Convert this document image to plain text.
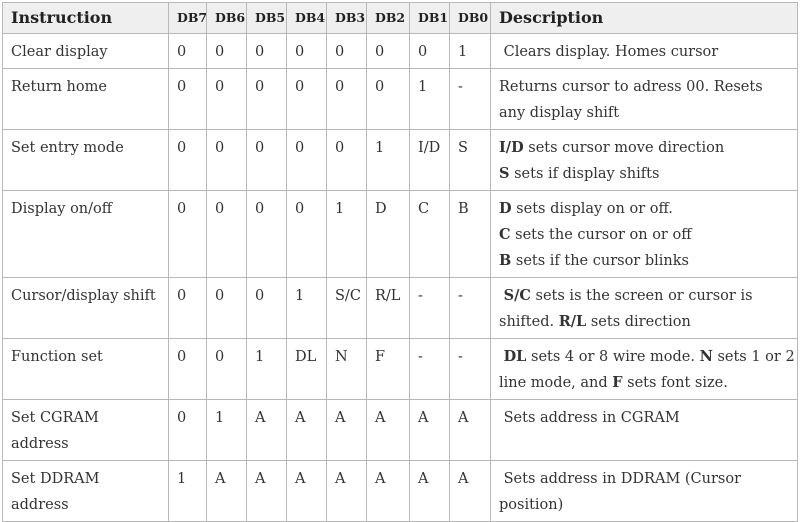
Instruction	DB7	DB6	DB5	DB4	DB3	DB2	DB1	DB0	Description
Clear display	0	0	0	0	0	0	0	1	Clears display. Homes cursor

Return home	0	0	0	0	0	0	1	-	Returns cursor to adress 00. Resets
any display shift

Set entry mode	0	0	0	0	0	1	I/D	S	I/D sets cursor move direction
S sets if display shifts

Display on/off	0	0	0	0	1	D	C	B	D sets display on or off.
C sets the cursor on or off
B sets if the cursor blinks

Cursor/display shift	0	0	0	1	S/C	R/L	-	-	S/C sets is the screen or cursor is
shifted. R/L sets direction

Function set	0	0	1	DL	N	F	-	-	DL sets 4 or 8 wire mode. N sets 1 or 2
line mode, and F sets font size.

Set CGRAM address	0	1	A	A	A	A	A	A	Sets address in CGRAM

Set DDRAM address	1	A	A	A	A	A	A	A	Sets address in DDRAM (Cursor
position)
